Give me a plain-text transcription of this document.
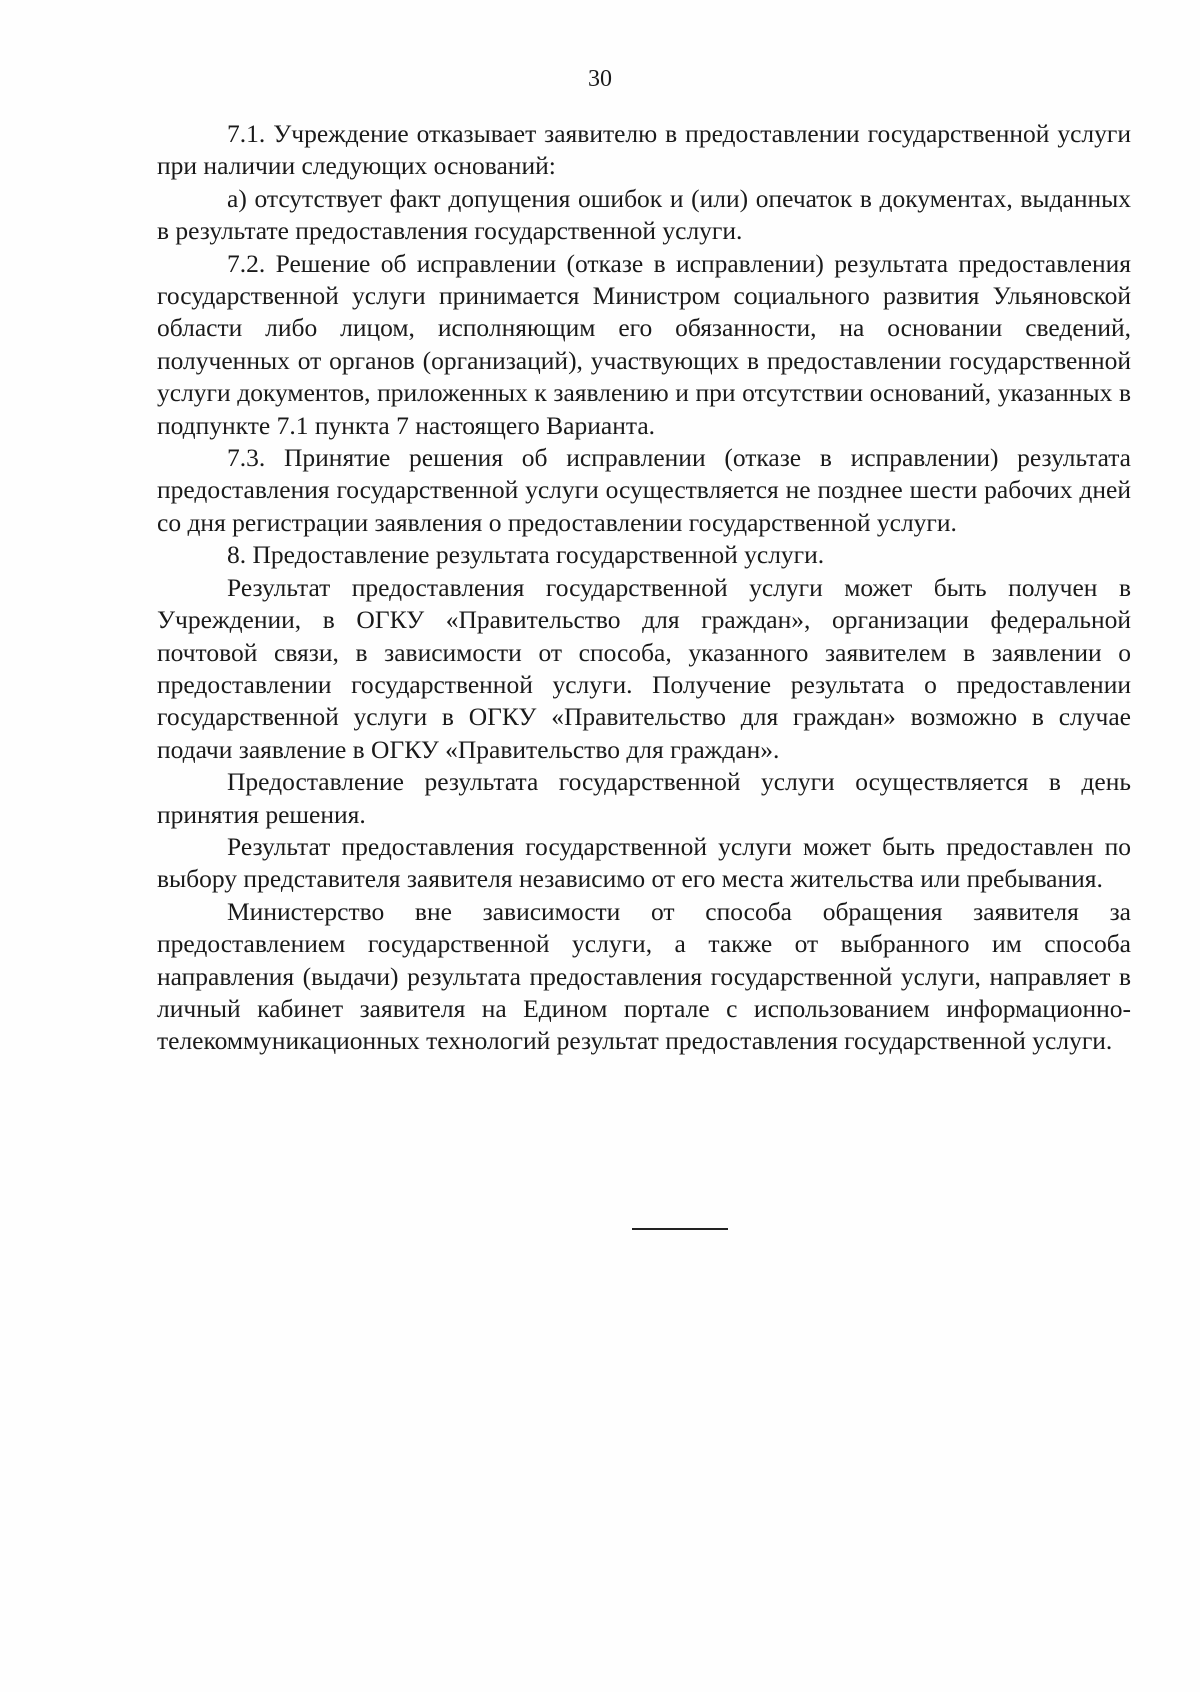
30

7.1. Учреждение отказывает заявителю в предоставлении государственной услуги при наличии следующих оснований:

а) отсутствует факт допущения ошибок и (или) опечаток в документах, выданных в результате предоставления государственной услуги.

7.2. Решение об исправлении (отказе в исправлении) результата предоставления государственной услуги принимается Министром социального развития Ульяновской области либо лицом, исполняющим его обязанности, на основании сведений, полученных от органов (организаций), участвующих в предоставлении государственной услуги документов, приложенных к заявлению и при отсутствии оснований, указанных в подпункте 7.1 пункта 7 настоящего Варианта.

7.3. Принятие решения об исправлении (отказе в исправлении) результата предоставления государственной услуги осуществляется не позднее шести рабочих дней со дня регистрации заявления о предоставлении государственной услуги.

8. Предоставление результата государственной услуги.

Результат предоставления государственной услуги может быть получен в Учреждении, в ОГКУ «Правительство для граждан», организации федеральной почтовой связи, в зависимости от способа, указанного заявителем в заявлении о предоставлении государственной услуги. Получение результата о предоставлении государственной услуги в ОГКУ «Правительство для граждан» возможно в случае подачи заявление в ОГКУ «Правительство для граждан».

Предоставление результата государственной услуги осуществляется в день принятия решения.

Результат предоставления государственной услуги может быть предоставлен по выбору представителя заявителя независимо от его места жительства или пребывания.

Министерство вне зависимости от способа обращения заявителя за предоставлением государственной услуги, а также от выбранного им способа направления (выдачи) результата предоставления государственной услуги, направляет в личный кабинет заявителя на Едином портале с использованием информационно-телекоммуникационных технологий результат предоставления государственной услуги.
